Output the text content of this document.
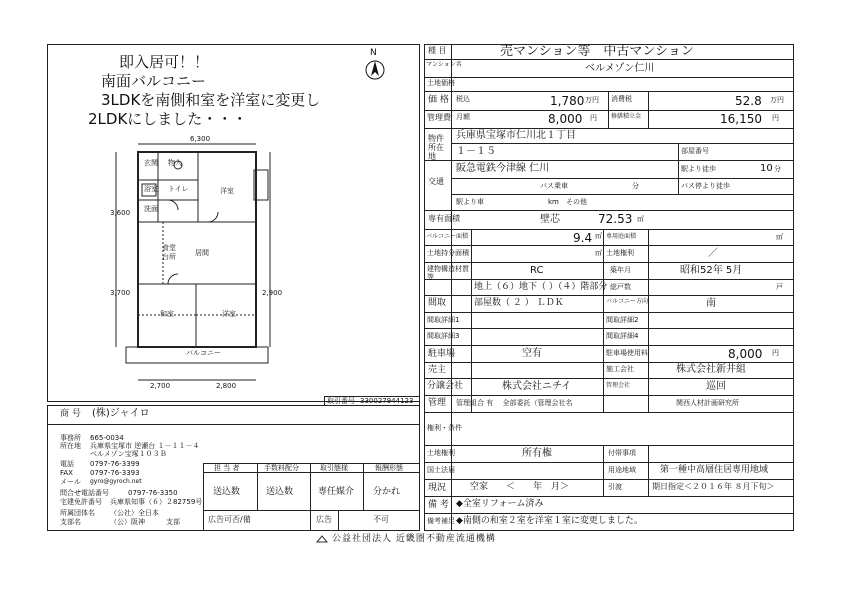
即入居可！！
南面バルコニー
3LDKを南側和室を洋室に変更し
2LDKにしました・・・
N
洋室
和室	洋室
居間
食堂
台所
浴室
洗面
トイレ
玄関 物入
バルコニー
6,300
2,700	2,800
3,600
3,700	2,900
取引番号 330027944123
商 号 (株)ジャイロ
事務所 665-0034
所在地 兵庫県宝塚市 逆瀬台 １－１１－４
ベルメゾン宝塚１０３Ｂ
電話 0797-76-3399
FAX 0797-76-3393
メール gyro@gyroch.net
問合せ電話番号	0797-76-3350
宅建免許番号 兵庫県知事（６）２82759号
所属団体名 （公社）全日本
支部名	（公）阪神　　　支部
担 当 者	手数料配分	取引態様	報酬形態
送込数	送込数	専任媒介 分かれ
広告可否/備	広告	不可
種 目	売マンション等　中古マンション
マンション名	ベルメゾン仁川
土地価格
価 格 税込	1,780 万円 消費税	52.8 万円
管理費 月額	8,000 円 修繕積立金	16,150 円
物件所在地
兵庫県宝塚市仁川北１丁目
１－１５	部屋番号
交通
阪急電鉄今津線 仁川	駅より徒歩	10 分
バス乗車	分	バス停より徒歩
駅より車	km その他
専有面積	壁芯	72.53 ㎡
バルコニー面積	9.4 ㎡ 専用庭面積	㎡
土地持分面積	㎡ 土地権利	／
建物構造材質等
RC	築年月	昭和52年 5月
地上（６）地下（ ）（４）階部分 総戸数	戸
間取	部屋数（ ２ ） ＬＤＫ	バルコニー方向	南
間取詳細1	間取詳細2
間取詳細3	間取詳細4
駐車場	空有	駐車場使用料	8,000 円
売主	施工会社	株式会社新井組
分譲会社	株式会社ニチイ	管理会社	巡回
管理 管理組合 有 　全部委託（管理会社名	関西人材計画研究所
権利・条件
土地権利	所有権	付帯事項
国土法届	用途地域	第一種中高層住居専用地域
現況	空家　　＜　　年　月＞	引渡	期日指定＜２０１６年 ８月下旬＞
備 考 ◆全室リフォーム済み
備考補足 ◆南側の和室２室を洋室１室に変更しました。
公益社団法人 近畿圏不動産流通機構
